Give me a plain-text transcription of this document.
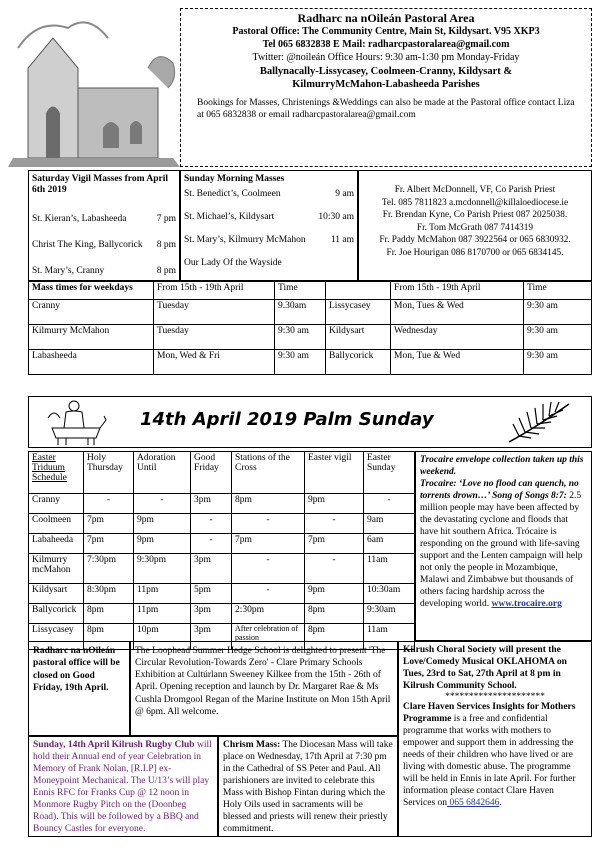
Radharc na nOileán Pastoral Area
Pastoral Office: The Community Centre, Main St, Kildysart. V95 XKP3
Tel 065 6832838 E Mail: radharcpastoralarea@gmail.com
Twitter: @noileán Office Hours: 9:30 am-1:30 pm Monday-Friday
Ballynacally-Lissycasey, Coolmeen-Cranny, Kildysart &
KilmurryMcMahon-Labasheeda Parishes
Bookings for Masses, Christenings &Weddings can also be made at the Pastoral office contact Liza at 065 6832838 or email radharcpastoralarea@gmail.com
Saturday Vigil Masses from April 6th 2019
St. Kieran’s, Labasheeda	7 pm
Christ The King, Ballycorick 8 pm
St. Mary’s, Cranny	8 pm
Sunday Morning Masses
St. Benedict’s, Coolmeen	9 am
St. Michael’s, Kildysart	10:30 am
St. Mary’s, Kilmurry McMahon	11 am
Our Lady Of the Wayside
Fr. Albert McDonnell, VF, Co Parish Priest
Tel. 085 7811823 a.mcdonnell@killaloediocese.ie
Fr. Brendan Kyne, Co Parish Priest 087 2025038.
Fr. Tom McGrath 087 7414319
Fr. Paddy McMahon 087 3922564 or 065 6830932.
Fr. Joe Hourigan 086 8170700 or 065 6834145.
Mass times for weekdays	From 15th - 19th April	Time		From 15th - 19th April	Time
Cranny	Tuesday	9.30am	Lissycasey	Mon, Tues & Wed	9:30 am
Kilmurry McMahon	Tuesday	9:30 am	Kildysart	Wednesday	9:30 am
Labasheeda	Mon, Wed & Fri	9:30 am	Ballycorick	Mon, Tue & Wed	9:30 am
14th April 2019 Palm Sunday
Easter Triduum Schedule	Holy Thursday	Adoration Until	Good Friday	Stations of the Cross	Easter vigil	Easter Sunday
Cranny	-	-	3pm	8pm	9pm	-
Coolmeen	7pm	9pm	-	-	-	9am
Labaheeda	7pm	9pm	-	7pm	7pm	6am
Kilmurry mcMahon	7:30pm	9:30pm	3pm	-	-	11am
Kildysart	8:30pm	11pm	5pm	-	9pm	10:30am
Ballycorick	8pm	11pm	3pm	2:30pm	8pm	9:30am
Lissycasey	8pm	10pm	3pm	After celebration of passion	8pm	11am
Trocaire envelope collection taken up this weekend.
Trocaire: ‘Love no flood can quench, no torrents drown…’ Song of Songs 8:7: 2.5 million people may have been affected by the devastating cyclone and floods that have hit southern Africa. Trócaire is responding on the ground with life-saving support and the Lenten campaign will help not only the people in Mozambique, Malawi and Zimbabwe but thousands of others facing hardship across the developing world. www.trocaire.org
Radharc na nOileán pastoral office will be closed on Good Friday, 19th April.
The Loophead Summer Hedge School is delighted to present 'The Circular Revolution-Towards Zero' - Clare Primary Schools Exhibition at Cultúrlann Sweeney Kilkee from the 15th - 26th of April. Opening reception and launch by Dr. Margaret Rae & Ms Cushla Dromgool Regan of the Marine Institute on Mon 15th April @ 6pm. All welcome.
Kilrush Choral Society will present the Love/Comedy Musical OKLAHOMA on Tues, 23rd to Sat, 27th April at 8 pm in Kilrush Community School.
*********************
Clare Haven Services Insights for Mothers Programme is a free and confidential programme that works with mothers to empower and support them in addressing the needs of their children who have lived or are living with domestic abuse. The programme will be held in Ennis in late April. For further information please contact Clare Haven Services on 065 6842646.
Sunday, 14th April Kilrush Rugby Club will hold their Annual end of year Celebration in Memory of Frank Nolan, [R.I.P] ex-Moneypoint Mechanical. The U/13’s will play Ennis RFC for Franks Cup @ 12 noon in Monmore Rugby Pitch on the (Doonbeg Road). This will be followed by a BBQ and Bouncy Castles for everyone.
Chrism Mass: The Diocesan Mass will take place on Wednesday, 17th April at 7:30 pm in the Cathedral of SS Peter and Paul. All parishioners are invited to celebrate this Mass with Bishop Fintan during which the Holy Oils used in sacraments will be blessed and priests will renew their priestly commitment.
